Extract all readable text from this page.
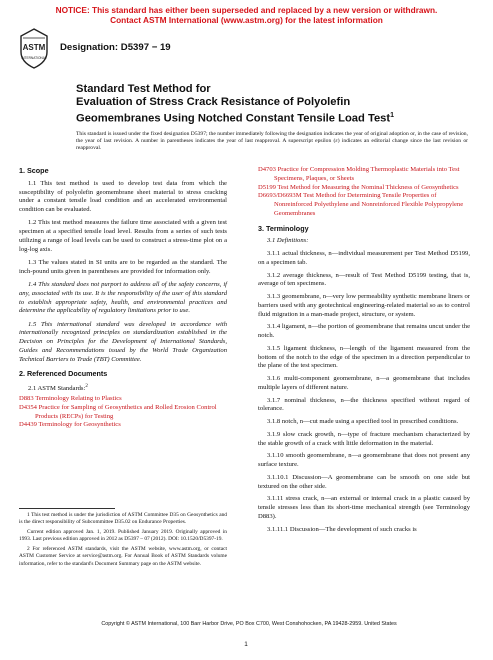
NOTICE: This standard has either been superseded and replaced by a new version or withdrawn.
Contact ASTM International (www.astm.org) for the latest information
ASTM
INTERNATIONAL
Designation: D5397 − 19
Standard Test Method for
Evaluation of Stress Crack Resistance of Polyolefin
Geomembranes Using Notched Constant Tensile Load Test$^1$
This standard is issued under the fixed designation D5397; the number immediately following the designation indicates the year of original adoption or, in the case of revision, the year of last revision. A number in parentheses indicates the year of last reapproval. A superscript epsilon (ε) indicates an editorial change since the last revision or reapproval.
1. Scope
1.1 This test method is used to develop test data from which the susceptibility of polyolefin geomembrane sheet material to stress cracking under a constant tensile load condition and an accelerated environmental condition can be evaluated.
1.2 This test method measures the failure time associated with a given test specimen at a specified tensile load level. Results from a series of such tests utilizing a range of load levels can be used to construct a stress-time plot on a log-log axis.
1.3 The values stated in SI units are to be regarded as the standard. The inch-pound units given in parentheses are provided for information only.
1.4 This standard does not purport to address all of the safety concerns, if any, associated with its use. It is the responsibility of the user of this standard to establish appropriate safety, health, and environmental practices and determine the applicability of regulatory limitations prior to use.
1.5 This international standard was developed in accordance with internationally recognized principles on standardization established in the Decision on Principles for the Development of International Standards, Guides and Recommendations issued by the World Trade Organization Technical Barriers to Trade (TBT) Committee.
2. Referenced Documents
2.1 ASTM Standards:$^2$
D883 Terminology Relating to Plastics
D4354 Practice for Sampling of Geosynthetics and Rolled Erosion Control Products (RECPs) for Testing
D4439 Terminology for Geosynthetics

1 This test method is under the jurisdiction of ASTM Committee D35 on Geosynthetics and is the direct responsibility of Subcommittee D35.02 on Endurance Properties.

Current edition approved Jan. 1, 2019. Published January 2019. Originally approved in 1993. Last previous edition approved in 2012 as D5397 – 07 (2012). DOI: 10.1520/D5397-19.

2 For referenced ASTM standards, visit the ASTM website, www.astm.org, or contact ASTM Customer Service at service@astm.org. For Annual Book of ASTM Standards volume information, refer to the standard's Document Summary page on the ASTM website.

D4703 Practice for Compression Molding Thermoplastic Materials into Test Specimens, Plaques, or Sheets
D5199 Test Method for Measuring the Nominal Thickness of Geosynthetics
D6693/D6693M Test Method for Determining Tensile Properties of Nonreinforced Polyethylene and Nonreinforced Flexible Polypropylene Geomembranes
3. Terminology
3.1 Definitions:
3.1.1 actual thickness, n—individual measurement per Test Method D5199, on a specimen tab.
3.1.2 average thickness, n—result of Test Method D5199 testing, that is, average of ten specimens.
3.1.3 geomembrane, n—very low permeability synthetic membrane liners or barriers used with any geotechnical engineering-related material so as to control fluid migration in a man-made project, structure, or system.
3.1.4 ligament, n—the portion of geomembrane that remains uncut under the notch.
3.1.5 ligament thickness, n—length of the ligament measured from the bottom of the notch to the edge of the specimen in a direction perpendicular to the plane of the test specimen.
3.1.6 multi-component geomembrane, n—a geomembrane that includes multiple layers of different nature.
3.1.7 nominal thickness, n—the thickness specified without regard of tolerance.
3.1.8 notch, n—cut made using a specified tool in prescribed conditions.
3.1.9 slow crack growth, n—type of fracture mechanism characterized by the stable growth of a crack with little deformation in the material.
3.1.10 smooth geomembrane, n—a geomembrane that does not present any surface texture.
3.1.10.1 Discussion—A geomembrane can be smooth on one side but textured on the other side.
3.1.11 stress crack, n—an external or internal crack in a plastic caused by tensile stresses less than its short-time mechanical strength (see Terminology D883).
3.1.11.1 Discussion—The development of such cracks is
Copyright © ASTM International, 100 Barr Harbor Drive, PO Box C700, West Conshohocken, PA 19428-2959. United States
1
